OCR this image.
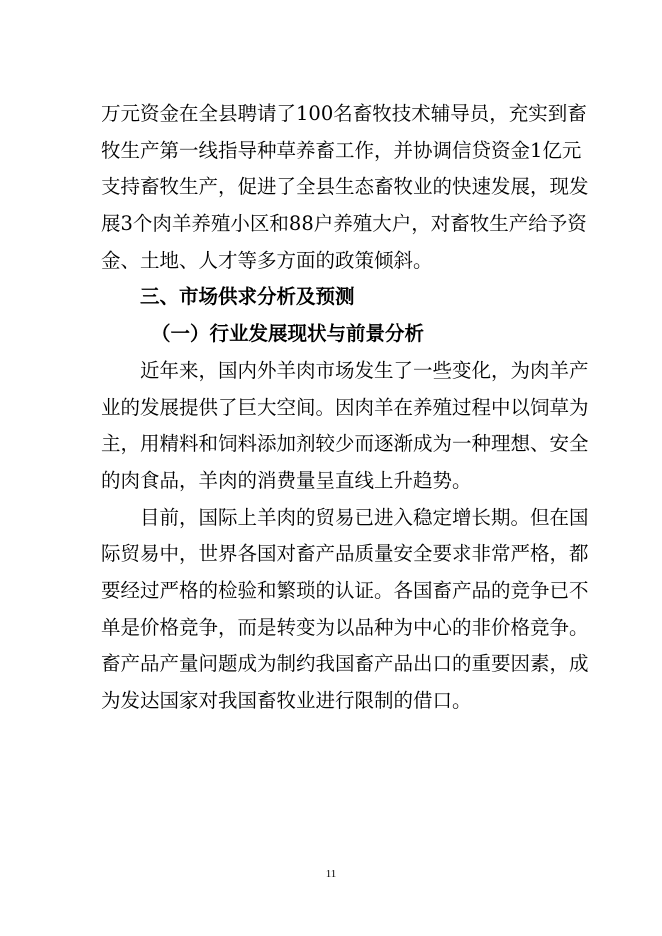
万元资金在全县聘请了100名畜牧技术辅导员，充实到畜
牧生产第一线指导种草养畜工作，并协调信贷资金1亿元
支持畜牧生产，促进了全县生态畜牧业的快速发展，现发
展3个肉羊养殖小区和88户养殖大户，对畜牧生产给予资
金、土地、人才等多方面的政策倾斜。
三、市场供求分析及预测
（一）行业发展现状与前景分析
近年来，国内外羊肉市场发生了一些变化，为肉羊产
业的发展提供了巨大空间。因肉羊在养殖过程中以饲草为
主，用精料和饲料添加剂较少而逐渐成为一种理想、安全
的肉食品，羊肉的消费量呈直线上升趋势。
目前，国际上羊肉的贸易已进入稳定增长期。但在国
际贸易中，世界各国对畜产品质量安全要求非常严格，都
要经过严格的检验和繁琐的认证。各国畜产品的竞争已不
单是价格竞争，而是转变为以品种为中心的非价格竞争。
畜产品产量问题成为制约我国畜产品出口的重要因素，成
为发达国家对我国畜牧业进行限制的借口。
11
